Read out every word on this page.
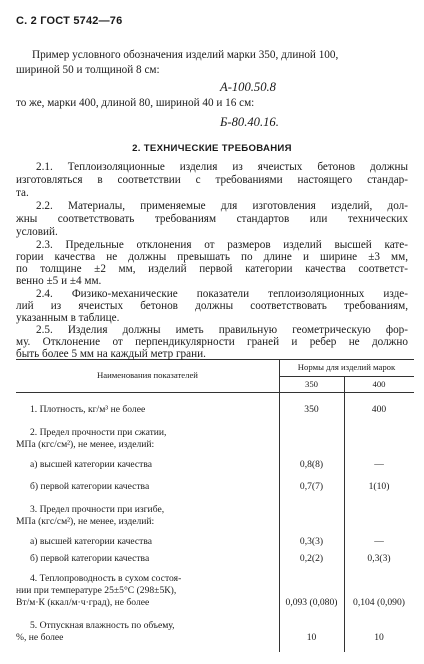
С. 2 ГОСТ 5742—76
Пример условного обозначения изделий марки 350, длиной 100,
шириной 50 и толщиной 8 см:
А-100.50.8
то же, марки 400, длиной 80, шириной 40 и 16 см:
Б-80.40.16.
2. ТЕХНИЧЕСКИЕ ТРЕБОВАНИЯ
2.1. Теплоизоляционные изделия из ячеистых бетонов должны
изготовляться в соответствии с требованиями настоящего стандар-
та.
2.2. Материалы, применяемые для изготовления изделий, дол-
жны соответствовать требованиям стандартов или технических
условий.
2.3. Предельные отклонения от размеров изделий высшей кате-
гории качества не должны превышать по длине и ширине ±3 мм,
по толщине ±2 мм, изделий первой категории качества соответст-
венно ±5 и ±4 мм.
Наименования показателей
Нормы для изделий марок
350	400
1. Плотность, кг/м³ не более	350	400
2. Предел прочности при сжатии,
МПа (кгс/см²), не менее, изделий:
а) высшей категории качества	0,8(8)	—
б) первой категории качества	0,7(7)	1(10)
3. Предел прочности при изгибе,
МПа (кгс/см²), не менее, изделий:
а) высшей категории качества	0,3(3)	—
б) первой категории качества	0,2(2)	0,3(3)
4. Теплопроводность в сухом состоя-
нии при температуре 25±5°С (298±5К),
Вт/м·К (ккал/м·ч·град), не более	0,093 (0,080)	0,104 (0,090)
5. Отпускная влажность по объему,
%, не более	10	10
2.4. Физико-механические показатели теплоизоляционных изде-
лий из ячеистых бетонов должны соответствовать требованиям,
указанным в таблице.
2.5. Изделия должны иметь правильную геометрическую фор-
му. Отклонение от перпендикулярности граней и ребер не должно
быть более 5 мм на каждый метр грани.
